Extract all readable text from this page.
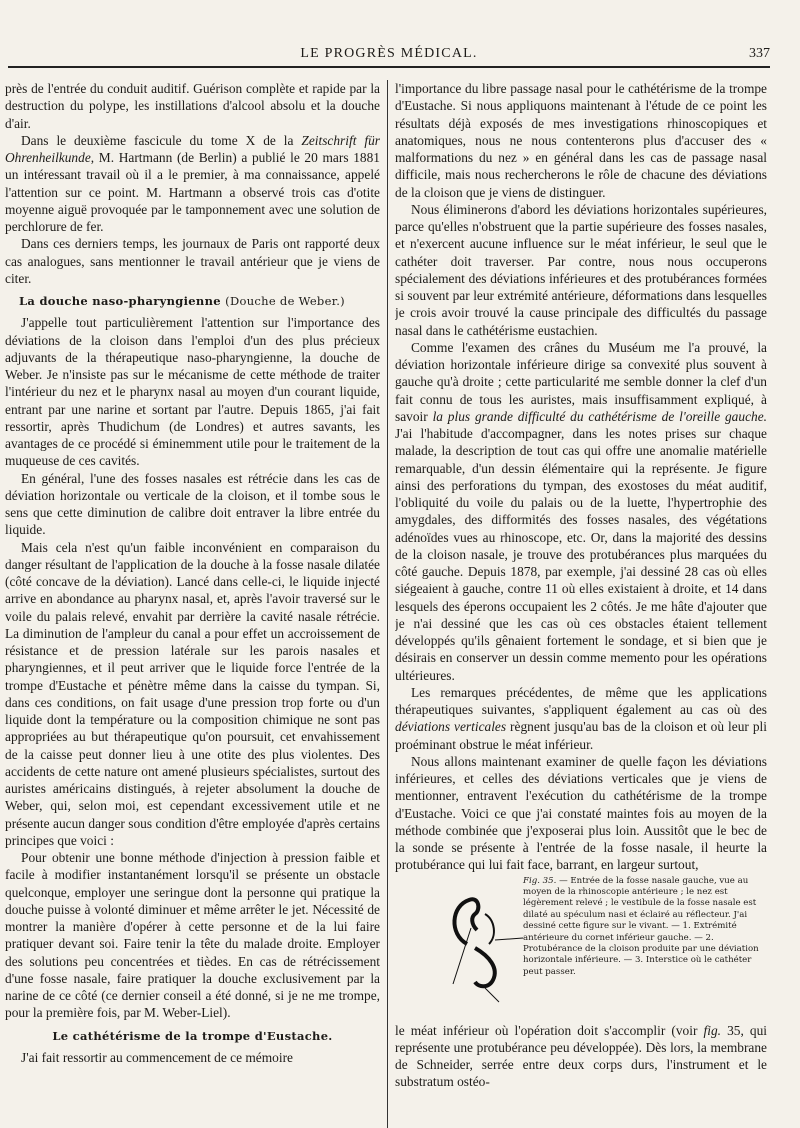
LE PROGRÈS MÉDICAL.	337

près de l'entrée du conduit auditif. Guérison complète et rapide par la destruction du polype, les instillations d'alcool absolu et la douche d'air.

Dans le deuxième fascicule du tome X de la Zeitschrift für Ohrenheilkunde, M. Hartmann (de Berlin) a publié le 20 mars 1881 un intéressant travail où il a le premier, à ma connaissance, appelé l'attention sur ce point. M. Hartmann a observé trois cas d'otite moyenne aiguë provoquée par le tamponnement avec une solution de perchlorure de fer.

Dans ces derniers temps, les journaux de Paris ont rapporté deux cas analogues, sans mentionner le travail antérieur que je viens de citer.

La douche naso-pharyngienne (Douche de Weber.)

J'appelle tout particulièrement l'attention sur l'importance des déviations de la cloison dans l'emploi d'un des plus précieux adjuvants de la thérapeutique naso-pharyngienne, la douche de Weber. Je n'insiste pas sur le mécanisme de cette méthode de traiter l'intérieur du nez et le pharynx nasal au moyen d'un courant liquide, entrant par une narine et sortant par l'autre. Depuis 1865, j'ai fait ressortir, après Thudichum (de Londres) et autres savants, les avantages de ce procédé si éminemment utile pour le traitement de la muqueuse de ces cavités.

En général, l'une des fosses nasales est rétrécie dans les cas de déviation horizontale ou verticale de la cloison, et il tombe sous le sens que cette diminution de calibre doit entraver la libre entrée du liquide.

Mais cela n'est qu'un faible inconvénient en comparaison du danger résultant de l'application de la douche à la fosse nasale dilatée (côté concave de la déviation). Lancé dans celle-ci, le liquide injecté arrive en abondance au pharynx nasal, et, après l'avoir traversé sur le voile du palais relevé, envahit par derrière la cavité nasale rétrécie. La diminution de l'ampleur du canal a pour effet un accroissement de résistance et de pression latérale sur les parois nasales et pharyngiennes, et il peut arriver que le liquide force l'entrée de la trompe d'Eustache et pénètre même dans la caisse du tympan. Si, dans ces conditions, on fait usage d'une pression trop forte ou d'un liquide dont la température ou la composition chimique ne sont pas appropriées au but thérapeutique qu'on poursuit, cet envahissement de la caisse peut donner lieu à une otite des plus violentes. Des accidents de cette nature ont amené plusieurs spécialistes, surtout des auristes américains distingués, à rejeter absolument la douche de Weber, qui, selon moi, est cependant excessivement utile et ne présente aucun danger sous condition d'être employée d'après certains principes que voici :

Pour obtenir une bonne méthode d'injection à pression faible et facile à modifier instantanément lorsqu'il se présente un obstacle quelconque, employer une seringue dont la personne qui pratique la douche puisse à volonté diminuer et même arrêter le jet. Nécessité de montrer la manière d'opérer à cette personne et de la lui faire pratiquer devant soi. Faire tenir la tête du malade droite. Employer des solutions peu concentrées et tièdes. En cas de rétrécissement d'une fosse nasale, faire pratiquer la douche exclusivement par la narine de ce côté (ce dernier conseil a été donné, si je ne me trompe, pour la première fois, par M. Weber-Liel).

Le cathétérisme de la trompe d'Eustache.

J'ai fait ressortir au commencement de ce mémoire

l'importance du libre passage nasal pour le cathétérisme de la trompe d'Eustache. Si nous appliquons maintenant à l'étude de ce point les résultats déjà exposés de mes investigations rhinoscopiques et anatomiques, nous ne nous contenterons plus d'accuser des « malformations du nez » en général dans les cas de passage nasal difficile, mais nous rechercherons le rôle de chacune des déviations de la cloison que je viens de distinguer.

Nous éliminerons d'abord les déviations horizontales supérieures, parce qu'elles n'obstruent que la partie supérieure des fosses nasales, et n'exercent aucune influence sur le méat inférieur, le seul que le cathéter doit traverser. Par contre, nous nous occuperons spécialement des déviations inférieures et des protubérances formées si souvent par leur extrémité antérieure, déformations dans lesquelles je crois avoir trouvé la cause principale des difficultés du passage nasal dans le cathétérisme eustachien.

Comme l'examen des crânes du Muséum me l'a prouvé, la déviation horizontale inférieure dirige sa convexité plus souvent à gauche qu'à droite ; cette particularité me semble donner la clef d'un fait connu de tous les auristes, mais insuffisamment expliqué, à savoir la plus grande difficulté du cathétérisme de l'oreille gauche. J'ai l'habitude d'accompagner, dans les notes prises sur chaque malade, la description de tout cas qui offre une anomalie matérielle remarquable, d'un dessin élémentaire qui la représente. Je figure ainsi des perforations du tympan, des exostoses du méat auditif, l'obliquité du voile du palais ou de la luette, l'hypertrophie des amygdales, des difformités des fosses nasales, des végétations adénoïdes vues au rhinoscope, etc. Or, dans la majorité des dessins de la cloison nasale, je trouve des protubérances plus marquées du côté gauche. Depuis 1878, par exemple, j'ai dessiné 28 cas où elles siégeaient à gauche, contre 11 où elles existaient à droite, et 14 dans lesquels des éperons occupaient les 2 côtés. Je me hâte d'ajouter que je n'ai dessiné que les cas où ces obstacles étaient tellement développés qu'ils gênaient fortement le sondage, et si bien que je désirais en conserver un dessin comme memento pour les opérations ultérieures.

Les remarques précédentes, de même que les applications thérapeutiques suivantes, s'appliquent également au cas où des déviations verticales règnent jusqu'au bas de la cloison et où leur pli proéminant obstrue le méat inférieur.

Nous allons maintenant examiner de quelle façon les déviations inférieures, et celles des déviations verticales que je viens de mentionner, entravent l'exécution du cathétérisme de la trompe d'Eustache. Voici ce que j'ai constaté maintes fois au moyen de la méthode combinée que j'exposerai plus loin. Aussitôt que le bec de la sonde se présente à l'entrée de la fosse nasale, il heurte la protubérance qui lui fait face, barrant, en largeur surtout,

Fig. 35. — Entrée de la fosse nasale gauche, vue au moyen de la rhinoscopie antérieure ; le nez est légèrement relevé ; le vestibule de la fosse nasale est dilaté au spéculum nasi et éclairé au réflecteur. J'ai dessiné cette figure sur le vivant. — 1. Extrémité antérieure du cornet inférieur gauche. — 2. Protubérance de la cloison produite par une déviation horizontale inférieure. — 3. Interstice où le cathéter peut passer.

le méat inférieur où l'opération doit s'accomplir (voir fig. 35, qui représente une protubérance peu développée). Dès lors, la membrane de Schneider, serrée entre deux corps durs, l'instrument et le substratum ostéo-
